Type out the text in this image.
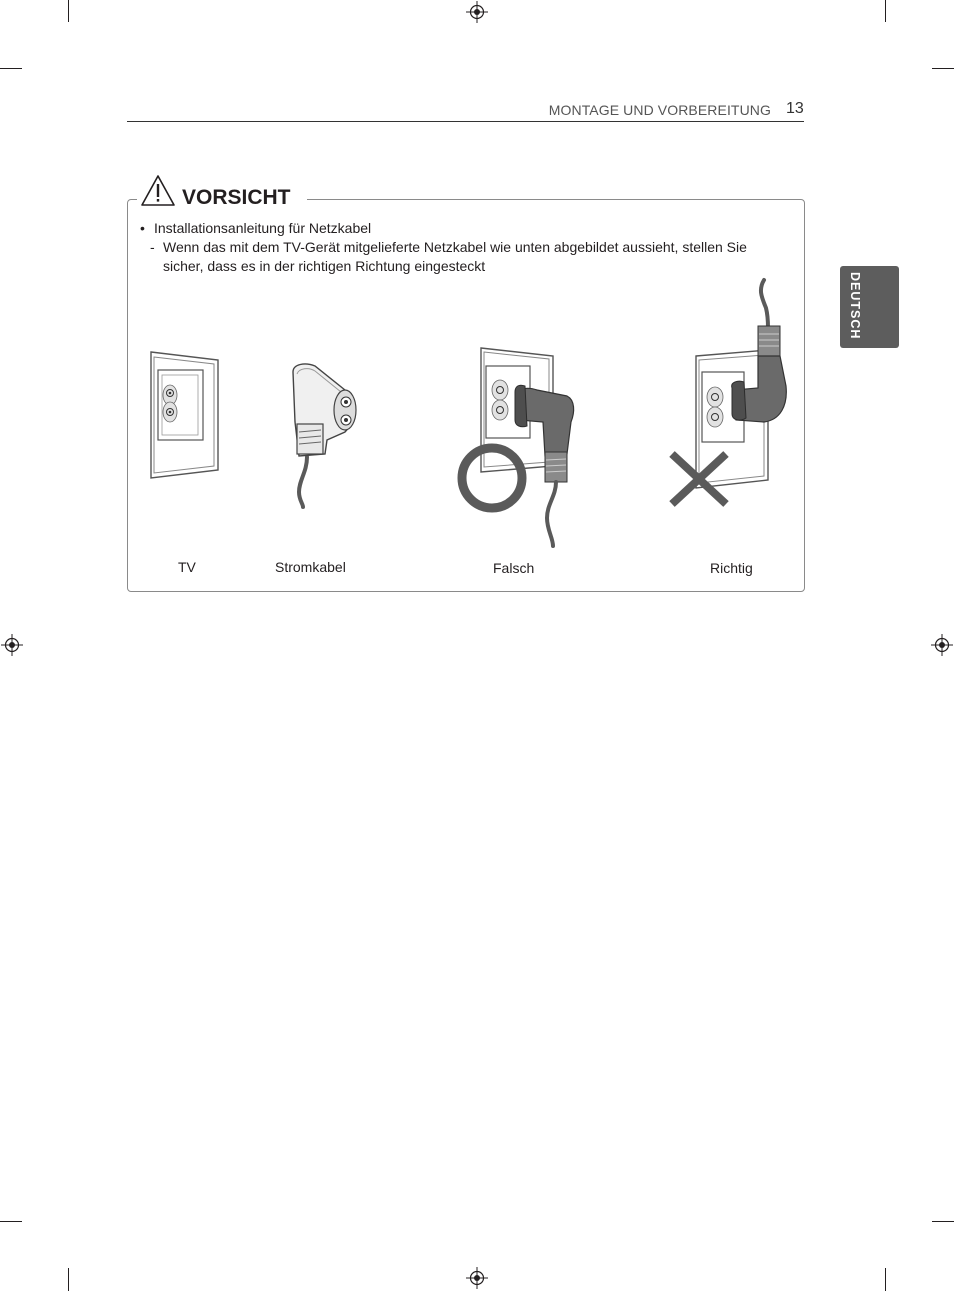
MONTAGE UND VORBEREITUNG 13
DEUTSCH
VORSICHT
• Installationsanleitung für Netzkabel
- Wenn das mit dem TV-Gerät mitgelieferte Netzkabel wie unten abgebildet aussieht, stellen Sie
sicher, dass es in der richtigen Richtung eingesteckt
TV	Stromkabel	Falsch	Richtig
